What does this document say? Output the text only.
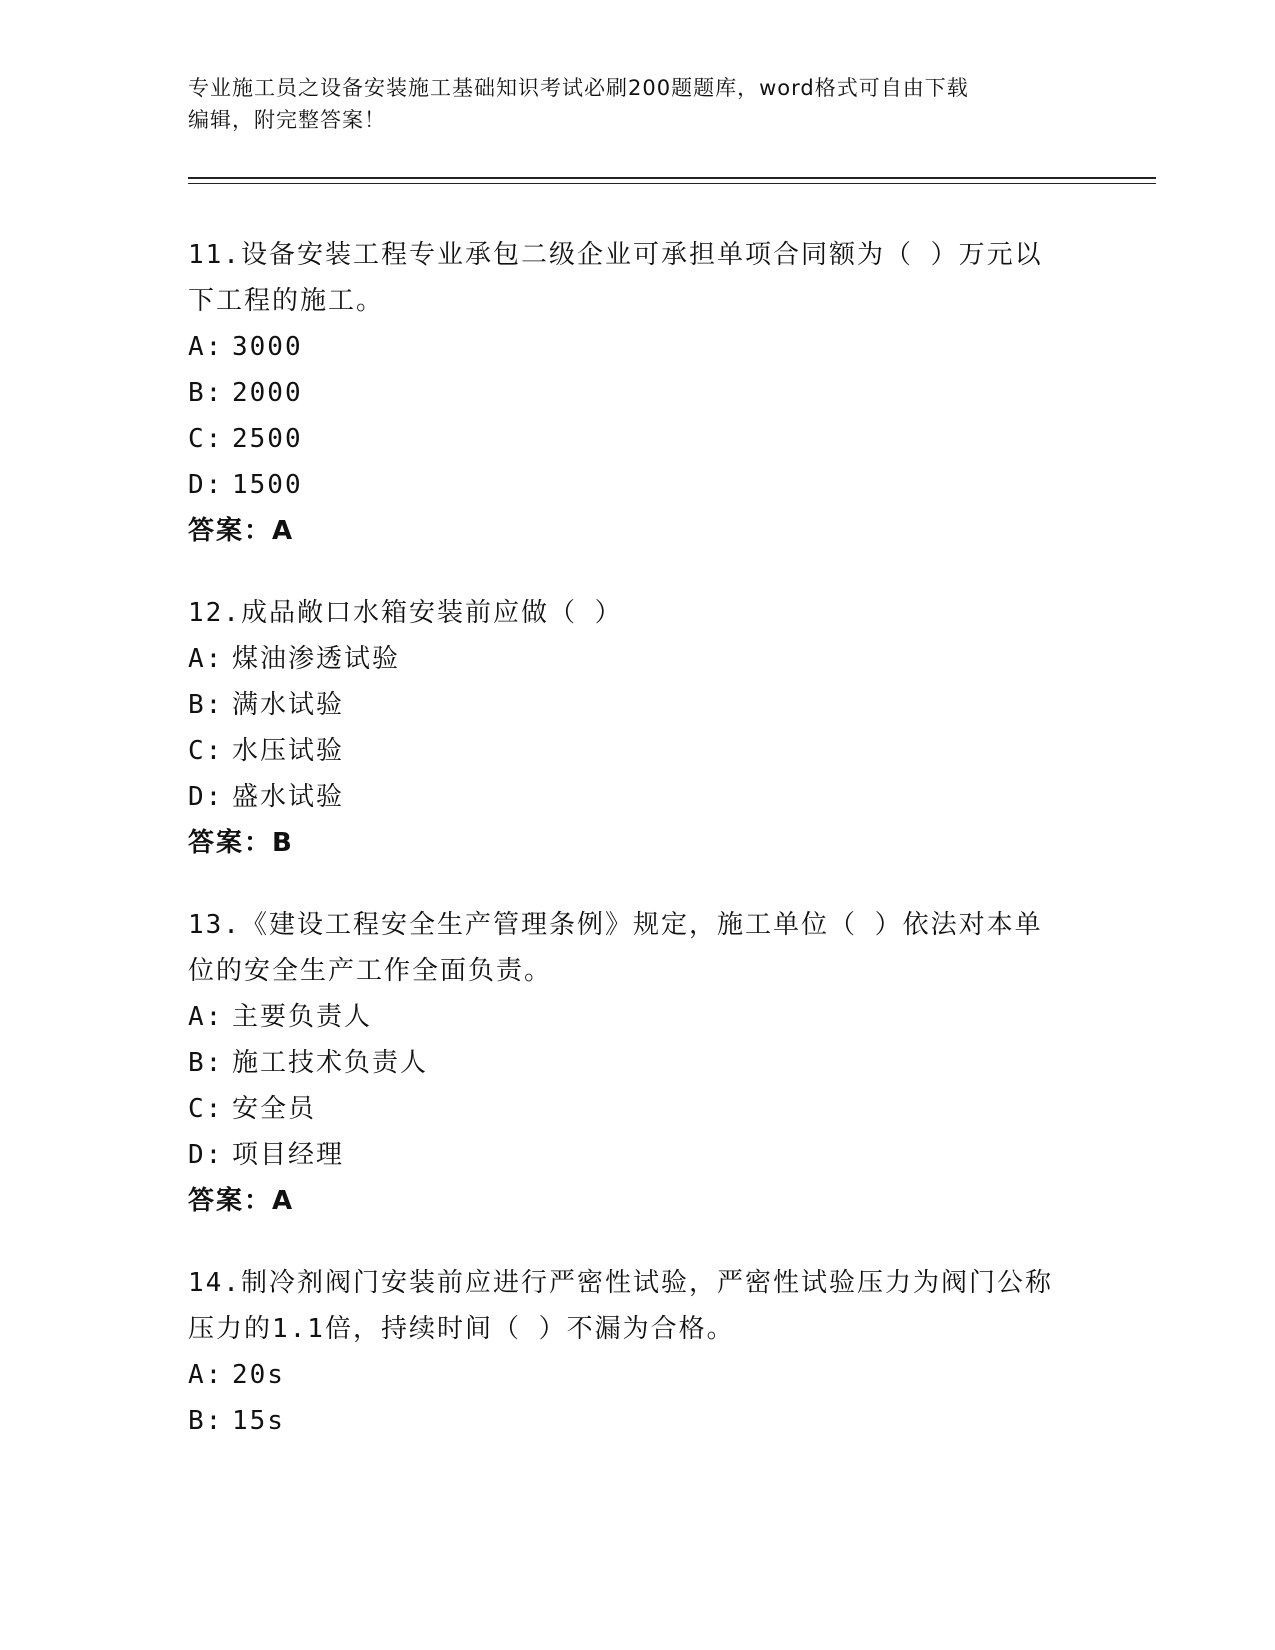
专业施工员之设备安装施工基础知识考试必刷200题题库，word格式可自由下载
编辑，附完整答案！
11.设备安装工程专业承包二级企业可承担单项合同额为（ ）万元以
下工程的施工。
A: 3000
B: 2000
C: 2500
D: 1500
答案：A
12.成品敞口水箱安装前应做（ ）
A: 煤油渗透试验
B: 满水试验
C: 水压试验
D: 盛水试验
答案：B
13.《建设工程安全生产管理条例》规定，施工单位（ ）依法对本单
位的安全生产工作全面负责。
A: 主要负责人
B: 施工技术负责人
C: 安全员
D: 项目经理
答案：A
14.制冷剂阀门安装前应进行严密性试验，严密性试验压力为阀门公称
压力的1.1倍，持续时间（ ）不漏为合格。
A: 20s
B: 15s
